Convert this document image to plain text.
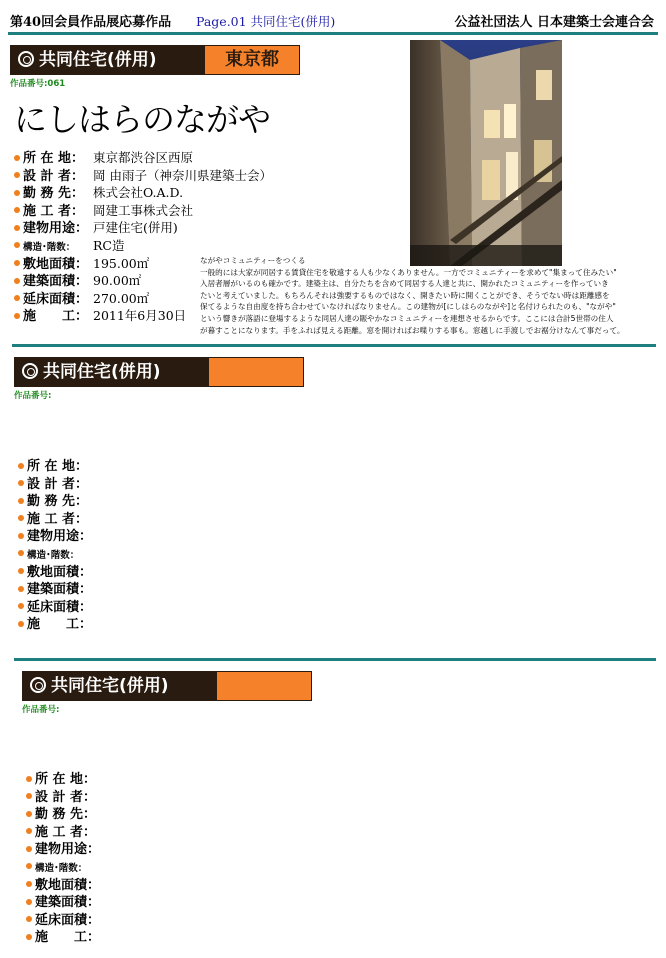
第40回会員作品展応募作品 Page.01 共同住宅(併用)	公益社団法人 日本建築士会連合会
共同住宅(併用)	東京都
作品番号:061
にしはらのながや
所 在 地： 東京都渋谷区西原
設 計 者： 岡 由雨子（神奈川県建築士会）
勤 務 先： 株式会社O.A.D.
施 工 者： 岡建工事株式会社
建物用途： 戸建住宅(併用)
構造･階数： RC造
敷地面積： 195.00㎡
建築面積： 90.00㎡
延床面積： 270.00㎡
施　　工： 2011年6月30日

ながやコミュニティーをつくる

一般的には大家が同居する賃貸住宅を敬遠する人も少なくありません。一方でコミュニティーを求めて"集まって住みたい"

入居者層がいるのも確かです。建築主は、自分たちを含めて同居する人達と共に、開かれたコミュニティーを作っていき

たいと考えていました。もちろんそれは強要するものではなく、開きたい時に開くことができ、そうでない時は距離感を

保てるような自由度を持ち合わせていなければなりません。この建物が[にしはらのながや]と名付けられたのも、"ながや"

という響きが落語に登場するような同居人達の賑やかなコミュニティーを連想させるからです。ここには合計5世帯の住人

が暮すことになります。手をふれば見える距離。窓を開ければお喋りする事も。窓越しに手渡しでお裾分けなんて事だって。

共同住宅(併用)
作品番号:
所 在 地：
設 計 者：
勤 務 先：
施 工 者：
建物用途：
構造･階数：
敷地面積：
建築面積：
延床面積：
施　　工：
共同住宅(併用)
作品番号:
所 在 地：
設 計 者：
勤 務 先：
施 工 者：
建物用途：
構造･階数：
敷地面積：
建築面積：
延床面積：
施　　工：
